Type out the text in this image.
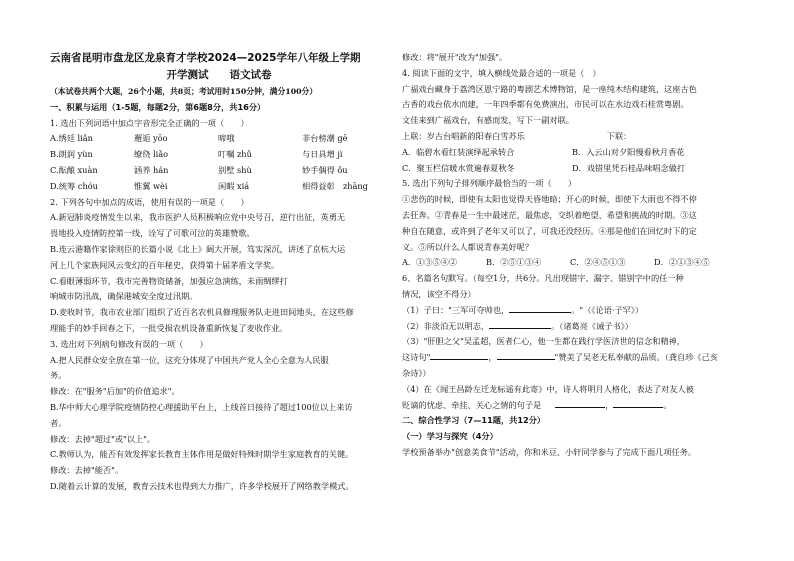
云南省昆明市盘龙区龙泉育才学校2024—2025学年八年级上学期
开学测试　　语文试卷
（本试卷共两个大题，26个小题，共8页；考试用时150分钟，满分100分）
一、积累与运用（1-5题，每题2分，第6题8分，共16分）
1. 选出下列词语中加点字音形完全正确的一项（　　）
A.绣廷 liǎn	邂逅 yōo	啼哦	非台榜潮 gē
B.朗润 yùn	缭绕 liǎo	叮嘱 zhǔ	与日具增 jì
C.酝酿 xuàn	涵养 hán	别墅 shù	妙手偶得 ǒu
D.统筹 chóu	惟翼 wèi	闲暇 xiá	相得益彰　zhāng
2. 下列各句中加点的成语，使用有误的一项是（　　）
A.新冠肺炎疫情发生以来，我市医护人员积极响应党中央号召，逆行出征，英勇无
畏地投入疫情防控第一线，诠写了可歌可泣的英雄赞歌。
B.连云港籍作家徐则臣的长篇小说《北上》阔大开展，笃实深沉，讲述了京杭大运
河上几个家族间风云变幻的百年秘史，获得第十届茅盾文学奖。
C.看眼薄弱环节，我市完善物资储备，加强应急演练，未雨绸缪打
响城市防汛战，确保港城安全度过汛期。
D.麦收时节，我市农业部门组织了近百名农机具修理服务队走进田间地头，在这些修
理能手的妙手回春之下，一批受损农机设备重新恢复了麦收作业。
3. 选出对下列病句修改有误的一项（　　）
A.把人民群众安全放在第一位，这充分体现了中国共产党人全心全意为人民服
务。
修改：在"服务"后加"的价值追求"。
B.华中师大心理学院疫情防控心理援助平台上，上线首日接待了超过100位以上来访
者。
修改：去掉"超过"或"以上"。
C.教师认为，能否有效发挥家长教育主体作用是做好特殊时期学生家庭教育的关键。
修改：去掉"能否"。
D.随着云计算的发展，教育云技术也得到大力推广，许多学校展开了网络教学模式。
修改：将"展开"改为"加强"。
4. 阅读下面的文字，填入横线处最合适的一项是（　）
广福戏台藏身于荔湾区恩宁路的粤剧艺术博物馆，是一座纯木结构建筑，这座古色
古香的戏台依水而建，一年四季都有免费演出，市民可以在水边戏石桂赏粤剧。
文佳来到广福戏台，有感而发，写下一副对联。
上联：岁古台唱新韵阳春白雪苏乐	下联：
A．临碧水看红装演绎起承转合	B．入云山对夕阳慢看秋月香花
C．聚玉栏信暖水赏遍春夏秋冬	D．戏错里凭石桂品味唱念做打
5. 选出下列句子排列顺序最恰当的一项（　　）
①悲伤的时候，即使有太阳也觉得天昏地暗；开心的时候，即使下大雨也不得不停
去狂奔。②青春是一生中最迷茫，最焦虑，交织着绝望、希望和挑战的时期。③这
种自在随意，或许到了老年又可以了，可我还没经历。④那是他们在回忆时下的定
义。⑤所以什么人都说青春美好呢？
A．①③⑤④②	B．②⑤①③④	C．②④⑤①③	D．②①③④⑤
6、名篇名句默写。（每空1分，共6分。凡出现错字、漏字、错别字中的任一种
情况，该空不得分）
（1）子曰："三军可夺帅也，	。"（《论语·子罕》）
（2）非淡泊无以明志，	。（诸葛亮《诫子书》）
（3）"肝胆之父"吴孟超，医者仁心，他一生都在践行学医济世的信念和精神，
这诗句"	，	"赞美了吴老无私奉献的品质。（龚自珍《己亥
杂诗》）
（4）在《闻王昌龄左迁龙标遥有此寄》中，诗人将明月人格化，表达了对友人被
贬谪的忧虑、牵挂、关心之情的句子是	，	。
二、综合性学习（7—11题，共12分）
（一）学习与探究（4分）
学校预备举办"创意美食节"活动，你和米豆、小轩同学参与了完成下面几项任务。
